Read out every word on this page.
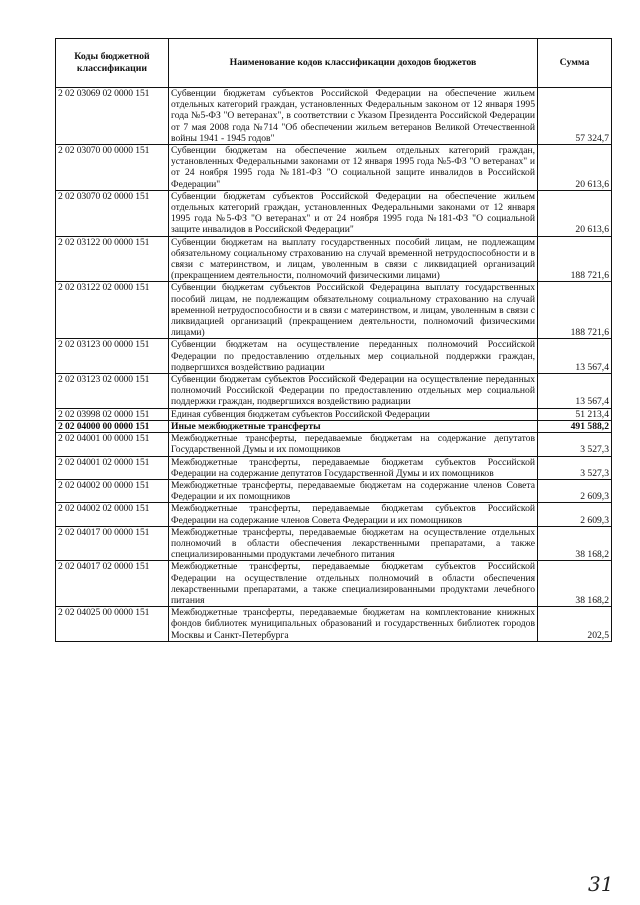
Коды бюджетной классификации	Наименование кодов классификации доходов бюджетов	Сумма
2 02 03069 02 0000 151	Субвенции бюджетам субъектов Российской Федерации на обеспечение жильем отдельных категорий граждан, установленных Федеральным законом от 12 января 1995 года №5-ФЗ "О ветеранах", в соответствии с Указом Президента Российской Федерации от 7 мая 2008 года №714 "Об обеспечении жильем ветеранов Великой Отечественной войны 1941 - 1945 годов"	57 324,7
2 02 03070 00 0000 151	Субвенции бюджетам на обеспечение жильем отдельных категорий граждан, установленных Федеральными законами от 12 января 1995 года №5-ФЗ "О ветеранах" и от 24 ноября 1995 года №181-ФЗ "О социальной защите инвалидов в Российской Федерации"	20 613,6
2 02 03070 02 0000 151	Субвенции бюджетам субъектов Российской Федерации на обеспечение жильем отдельных категорий граждан, установленных Федеральными законами от 12 января 1995 года №5-ФЗ "О ветеранах" и от 24 ноября 1995 года №181-ФЗ "О социальной защите инвалидов в Российской Федерации"	20 613,6
2 02 03122 00 0000 151	Субвенции бюджетам на выплату государственных пособий лицам, не подлежащим обязательному социальному страхованию на случай временной нетрудоспособности и в связи с материнством, и лицам, уволенным в связи с ликвидацией организаций (прекращением деятельности, полномочий физическими лицами)	188 721,6
2 02 03122 02 0000 151	Субвенции бюджетам субъектов Российской Федерацина выплату государственных пособий лицам, не подлежащим обязательному социальному страхованию на случай временной нетрудоспособности и в связи с материнством, и лицам, уволенным в связи с ликвидацией организаций (прекращением деятельности, полномочий физическими лицами)	188 721,6
2 02 03123 00 0000 151	Субвенции бюджетам на осуществление переданных полномочий Российской Федерации по предоставлению отдельных мер социальной поддержки граждан, подвергшихся воздействию радиации	13 567,4
2 02 03123 02 0000 151	Субвенции бюджетам субъектов Российской Федерации на осуществление переданных полномочий Российской Федерации по предоставлению отдельных мер социальной поддержки граждан, подвергшихся воздействию радиации	13 567,4
2 02 03998 02 0000 151	Единая субвенция бюджетам субъектов Российской Федерации	51 213,4
2 02 04000 00 0000 151	Иные межбюджетные трансферты	491 588,2
2 02 04001 00 0000 151	Межбюджетные трансферты, передаваемые бюджетам на содержание депутатов Государственной Думы и их помощников	3 527,3
2 02 04001 02 0000 151	Межбюджетные трансферты, передаваемые бюджетам субъектов Российской Федерации на содержание депутатов Государственной Думы и их помощников	3 527,3
2 02 04002 00 0000 151	Межбюджетные трансферты, передаваемые бюджетам на содержание членов Совета Федерации и их помощников	2 609,3
2 02 04002 02 0000 151	Межбюджетные трансферты, передаваемые бюджетам субъектов Российской Федерации на содержание членов Совета Федерации и их помощников	2 609,3
2 02 04017 00 0000 151	Межбюджетные трансферты, передаваемые бюджетам на осуществление отдельных полномочий в области обеспечения лекарственными препаратами, а также специализированными продуктами лечебного питания	38 168,2
2 02 04017 02 0000 151	Межбюджетные трансферты, передаваемые бюджетам субъектов Российской Федерации на осуществление отдельных полномочий в области обеспечения лекарственными препаратами, а также специализированными продуктами лечебного питания	38 168,2
2 02 04025 00 0000 151	Межбюджетные трансферты, передаваемые бюджетам на комплектование книжных фондов библиотек муниципальных образований и государственных библиотек городов Москвы и Санкт-Петербурга	202,5
31
